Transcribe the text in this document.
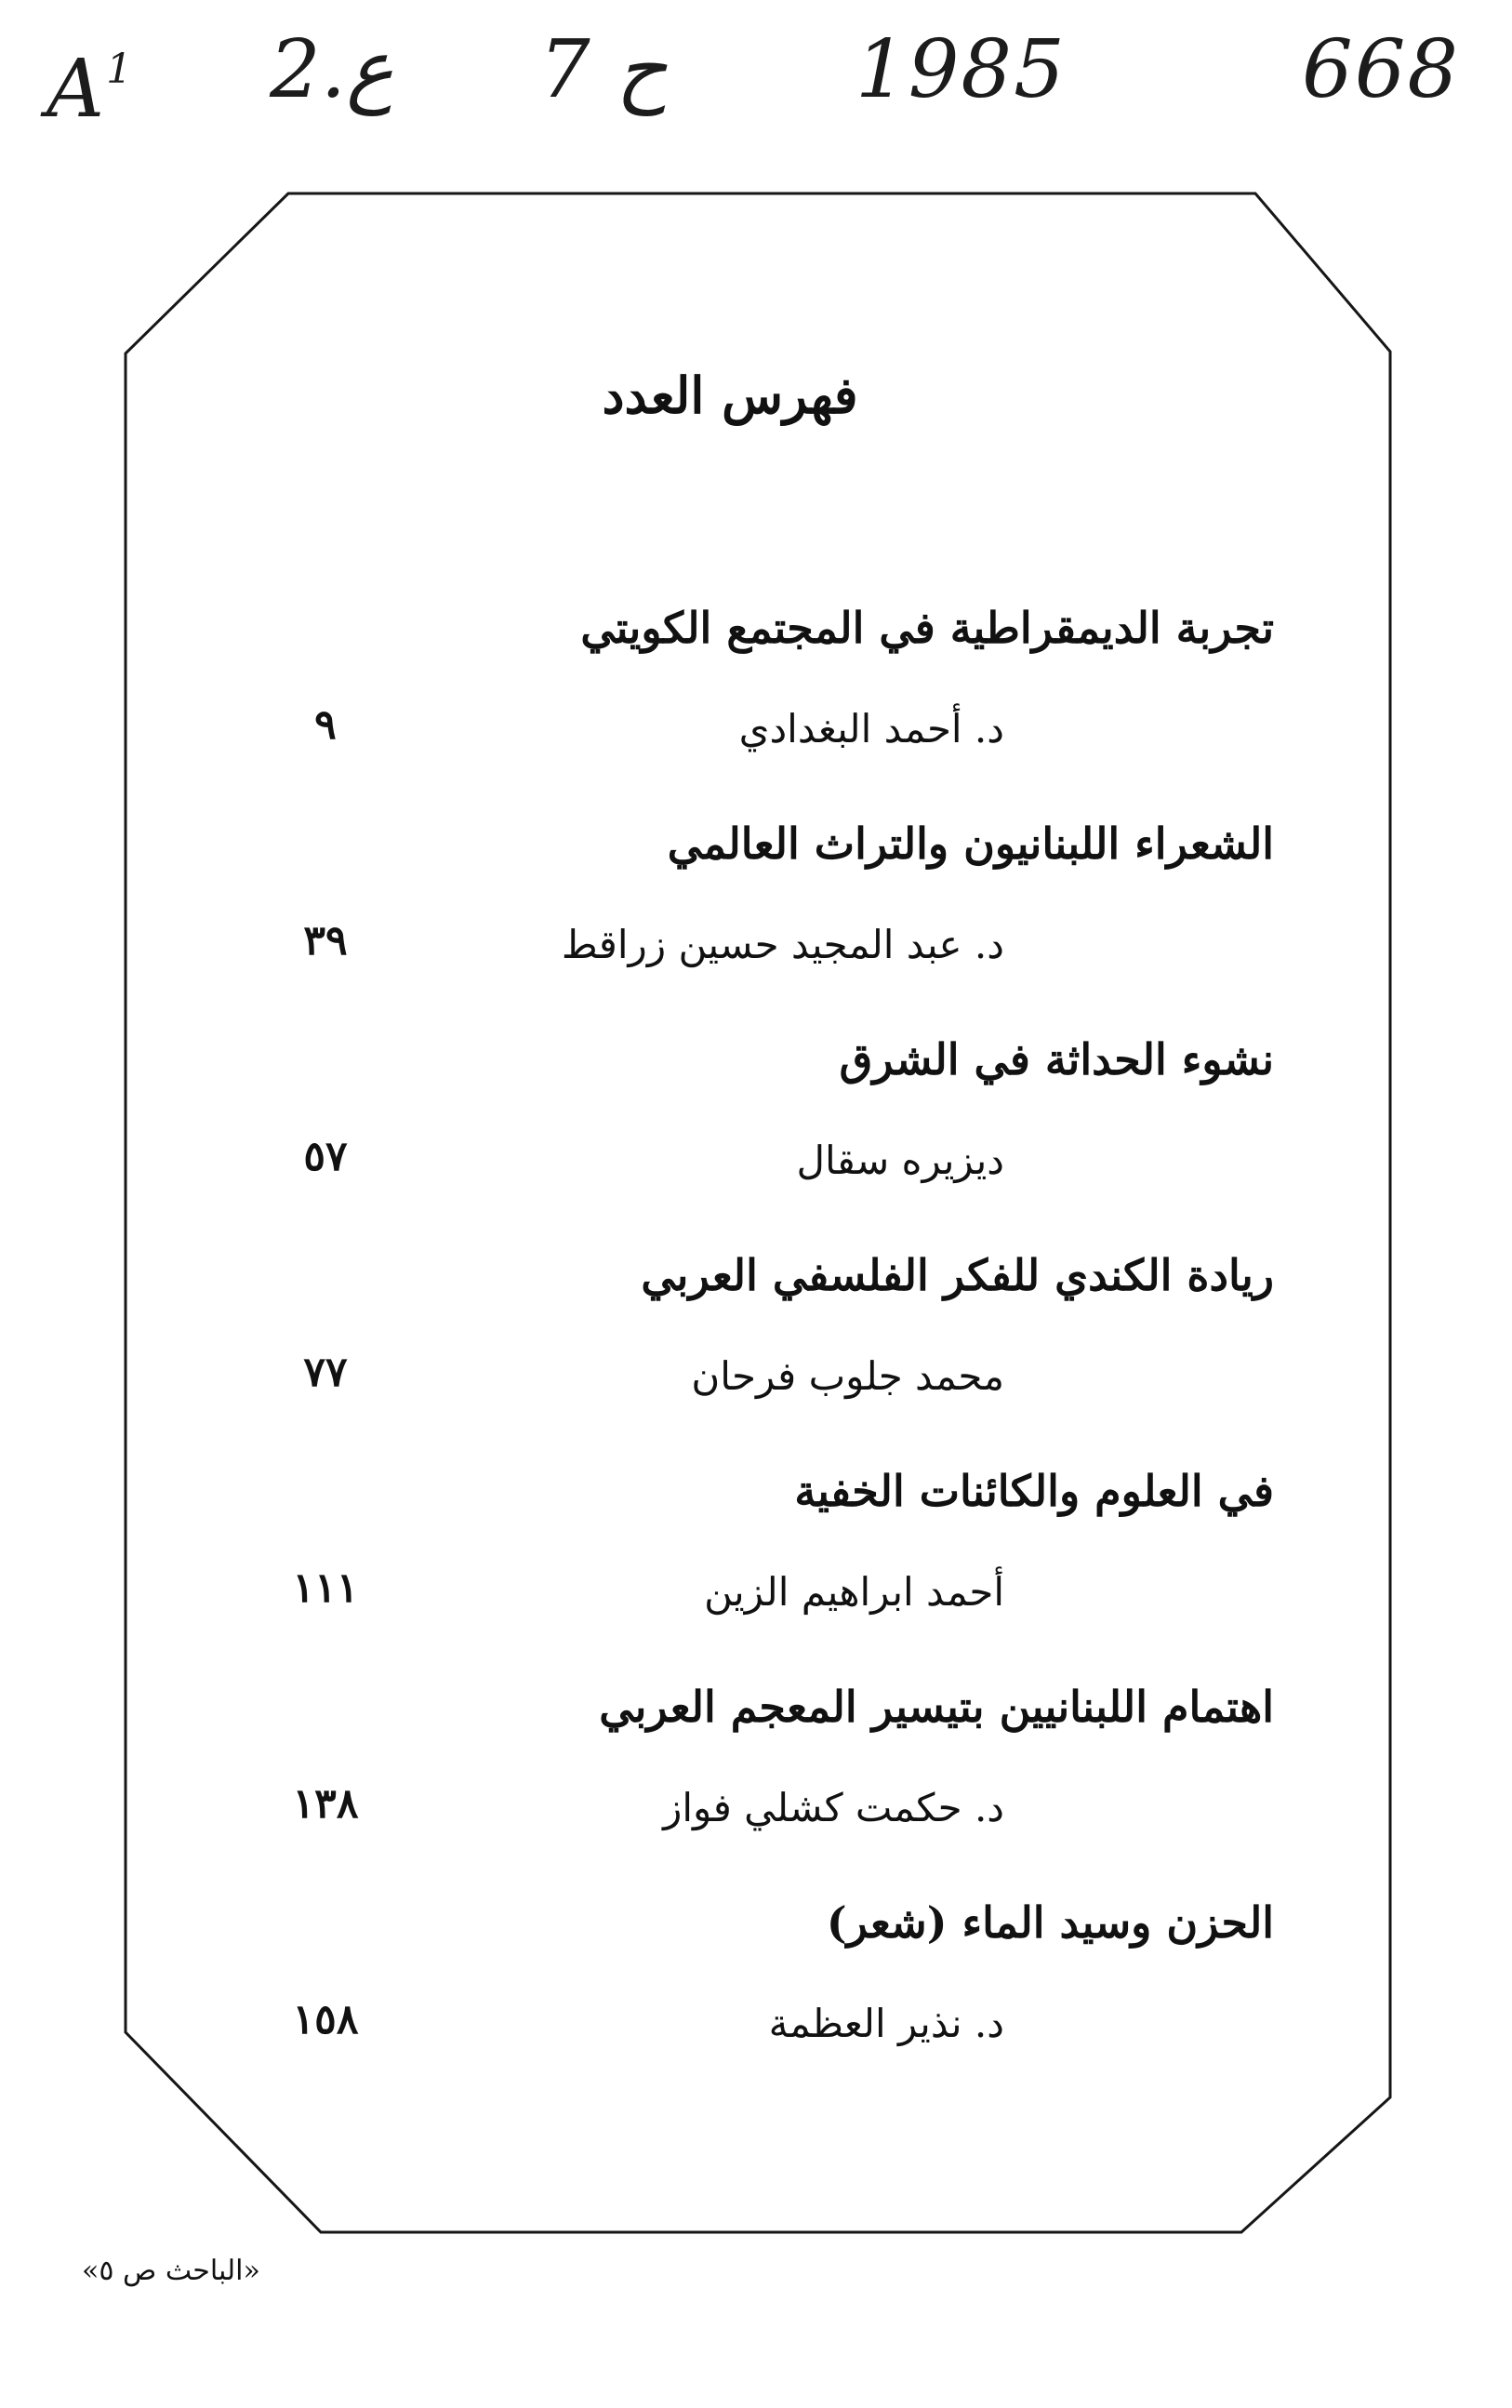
$A^1$ 2.ع 7 ح 1985	668
فهرس العدد
تجربة الديمقراطية في المجتمع الكويتي
د. أحمد البغدادي
٩
الشعراء اللبنانيون والتراث العالمي
د. عبد المجيد حسين زراقط
٣٩
نشوء الحداثة في الشرق
ديزيره سقال
٥٧
ريادة الكندي للفكر الفلسفي العربي
محمد جلوب فرحان
٧٧
في العلوم والكائنات الخفية
أحمد ابراهيم الزين
١١١
اهتمام اللبنانيين بتيسير المعجم العربي
د. حكمت كشلي فواز
١٣٨
الحزن وسيد الماء (شعر)
د. نذير العظمة
١٥٨
«الباحث ص ٥»
